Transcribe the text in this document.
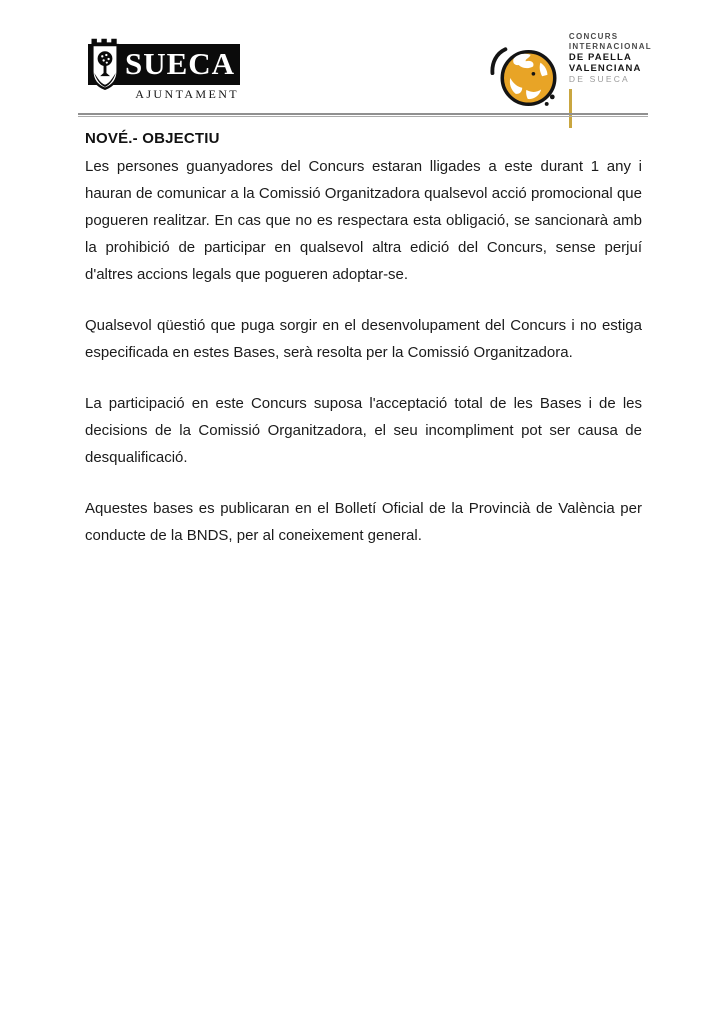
SUECA
AJUNTAMENT
CONCURS
INTERNACIONAL
DE PAELLA
VALENCIANA
DE SUECA
NOVÉ.- OBJECTIU

Les persones guanyadores del Concurs estaran lligades a este durant 1 any i hauran de comunicar a la Comissió Organitzadora qualsevol acció promocional que pogueren realitzar. En cas que no es respectara esta obligació, se sancionarà amb la prohibició de participar en qualsevol altra edició del Concurs, sense perjuí d'altres accions legals que pogueren adoptar-se.

Qualsevol qüestió que puga sorgir en el desenvolupament del Concurs i no estiga especificada en estes Bases, serà resolta per la Comissió Organitzadora.

La participació en este Concurs suposa l'acceptació total de les Bases i de les decisions de la Comissió Organitzadora, el seu incompliment pot ser causa de desqualificació.

Aquestes bases es publicaran en el Bolletí Oficial de la Provincià de València per conducte de la BNDS, per al coneixement general.
